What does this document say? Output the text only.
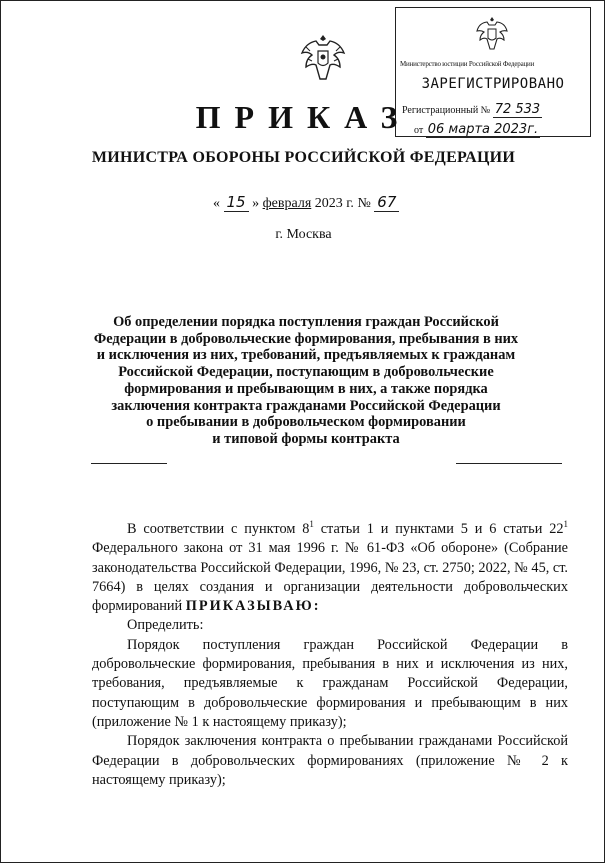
Министерство юстиции Российской Федерации
ЗАРЕГИСТРИРОВАНО
Регистрационный № 72 533
от 06 марта 2023г.
ПРИКАЗ
МИНИСТРА ОБОРОНЫ РОССИЙСКОЙ ФЕДЕРАЦИИ
« 15 » февраля 2023 г. № 67
г. Москва
Об определении порядка поступления граждан Российской
Федерации в добровольческие формирования, пребывания в них
и исключения из них, требований, предъявляемых к гражданам
Российской Федерации, поступающим в добровольческие
формирования и пребывающим в них, а также порядка
заключения контракта гражданами Российской Федерации
о пребывании в добровольческом формировании
и типовой формы контракта

В соответствии с пунктом $8^1$ статьи 1 и пунктами 5 и 6 статьи $22^1$ Федерального закона от 31 мая 1996 г. № 61-ФЗ «Об обороне» (Собрание законодательства Российской Федерации, 1996, № 23, ст. 2750; 2022, № 45, ст. 7664) в целях создания и организации деятельности добровольческих формирований ПРИКАЗЫВАЮ:

Определить:

Порядок поступления граждан Российской Федерации в добровольческие формирования, пребывания в них и исключения из них, требования, предъявляемые к гражданам Российской Федерации, поступающим в добровольческие формирования и пребывающим в них (приложение № 1 к настоящему приказу);

Порядок заключения контракта о пребывании гражданами Российской Федерации в добровольческих формированиях (приложение № 2 к настоящему приказу);
